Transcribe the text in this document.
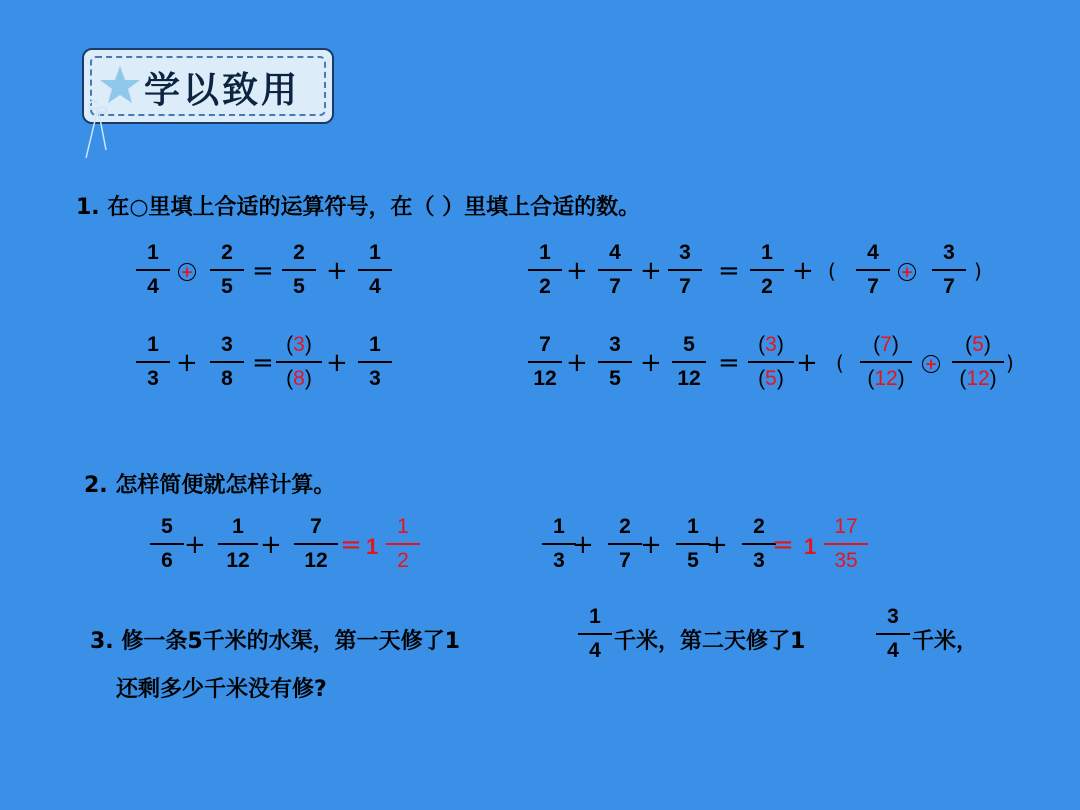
学以致用
1. 在○里填上合适的运算符号，在（ ）里填上合适的数。
1
4
+
2
5
=
2
5
+
1
4
1
2
+
4
7
+
3
7
=
1
2
+ (
4
7
+
3
7
)
1
3
+
3
8
=
( 3 )
( 8 )
+
1
3
7
12
+
3
5
+
5
12
=
( 3 )
( 5 )
+ (
( 7 )
( 12 )
+
( 5 )
( 12 )
)
2. 怎样简便就怎样计算。
5
6
+
1
12
+
7
12
= 1
1
2
1
3
+
2
7
+
1
5
+
2
3
= 1
17
35
3. 修一条5千米的水渠，第一天修了1
1
4 千米，第二天修了1
3
4 千米，
还剩多少千米没有修?
